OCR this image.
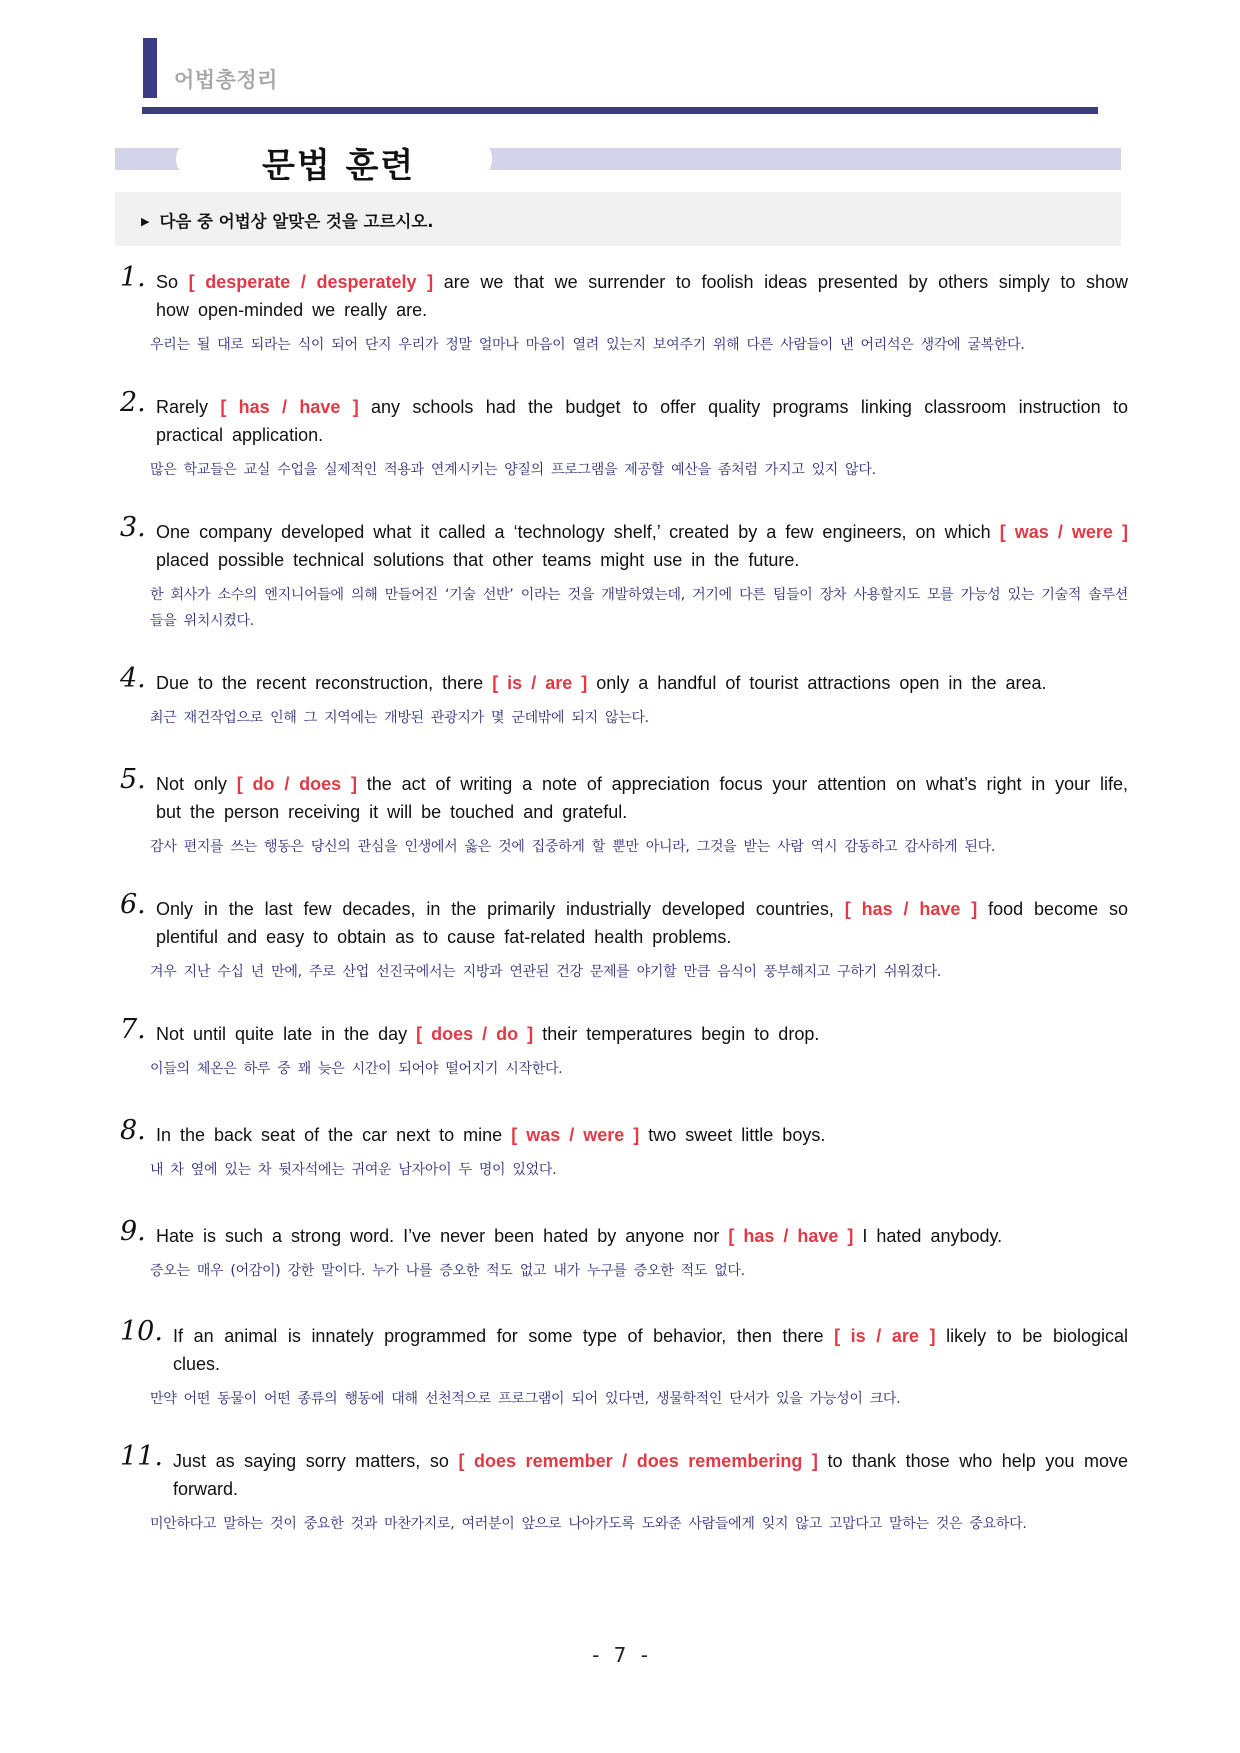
어법총정리
문법 훈련
▶ 다음 중 어법상 알맞은 것을 고르시오.
1. So [ desperate / desperately ] are we that we surrender to foolish ideas presented by others simply to show how open-minded we really are.
우리는 될 대로 되라는 식이 되어 단지 우리가 정말 얼마나 마음이 열려 있는지 보여주기 위해 다른 사람들이 낸 어리석은 생각에 굴복한다.
2. Rarely [ has / have ] any schools had the budget to offer quality programs linking classroom instruction to practical application.
많은 학교들은 교실 수업을 실제적인 적용과 연계시키는 양질의 프로그램을 제공할 예산을 좀처럼 가지고 있지 않다.
3. One company developed what it called a ‘technology shelf,’ created by a few engineers, on which [ was / were ] placed possible technical solutions that other teams might use in the future.
한 회사가 소수의 엔지니어들에 의해 만들어진 ‘기술 선반’ 이라는 것을 개발하였는데, 거기에 다른 팀들이 장차 사용할지도 모를 가능성 있는 기술적 솔루션들을 위치시켰다.
4. Due to the recent reconstruction, there [ is / are ] only a handful of tourist attractions open in the area.
최근 재건작업으로 인해 그 지역에는 개방된 관광지가 몇 군데밖에 되지 않는다.
5. Not only [ do / does ] the act of writing a note of appreciation focus your attention on what’s right in your life, but the person receiving it will be touched and grateful.
감사 편지를 쓰는 행동은 당신의 관심을 인생에서 옳은 것에 집중하게 할 뿐만 아니라, 그것을 받는 사람 역시 감동하고 감사하게 된다.
6. Only in the last few decades, in the primarily industrially developed countries, [ has / have ] food become so plentiful and easy to obtain as to cause fat-related health problems.
겨우 지난 수십 년 만에, 주로 산업 선진국에서는 지방과 연관된 건강 문제를 야기할 만큼 음식이 풍부해지고 구하기 쉬워졌다.
7. Not until quite late in the day [ does / do ] their temperatures begin to drop.
이들의 체온은 하루 중 꽤 늦은 시간이 되어야 떨어지기 시작한다.
8. In the back seat of the car next to mine [ was / were ] two sweet little boys.
내 차 옆에 있는 차 뒷자석에는 귀여운 남자아이 두 명이 있었다.
9. Hate is such a strong word. I’ve never been hated by anyone nor [ has / have ] I hated anybody.
증오는 매우 (어감이) 강한 말이다. 누가 나를 증오한 적도 없고 내가 누구를 증오한 적도 없다.
10. If an animal is innately programmed for some type of behavior, then there [ is / are ] likely to be biological clues.
만약 어떤 동물이 어떤 종류의 행동에 대해 선천적으로 프로그램이 되어 있다면, 생물학적인 단서가 있을 가능성이 크다.
11. Just as saying sorry matters, so [ does remember / does remembering ] to thank those who help you move forward.
미안하다고 말하는 것이 중요한 것과 마찬가지로, 여러분이 앞으로 나아가도록 도와준 사람들에게 잊지 않고 고맙다고 말하는 것은 중요하다.
- 7 -
